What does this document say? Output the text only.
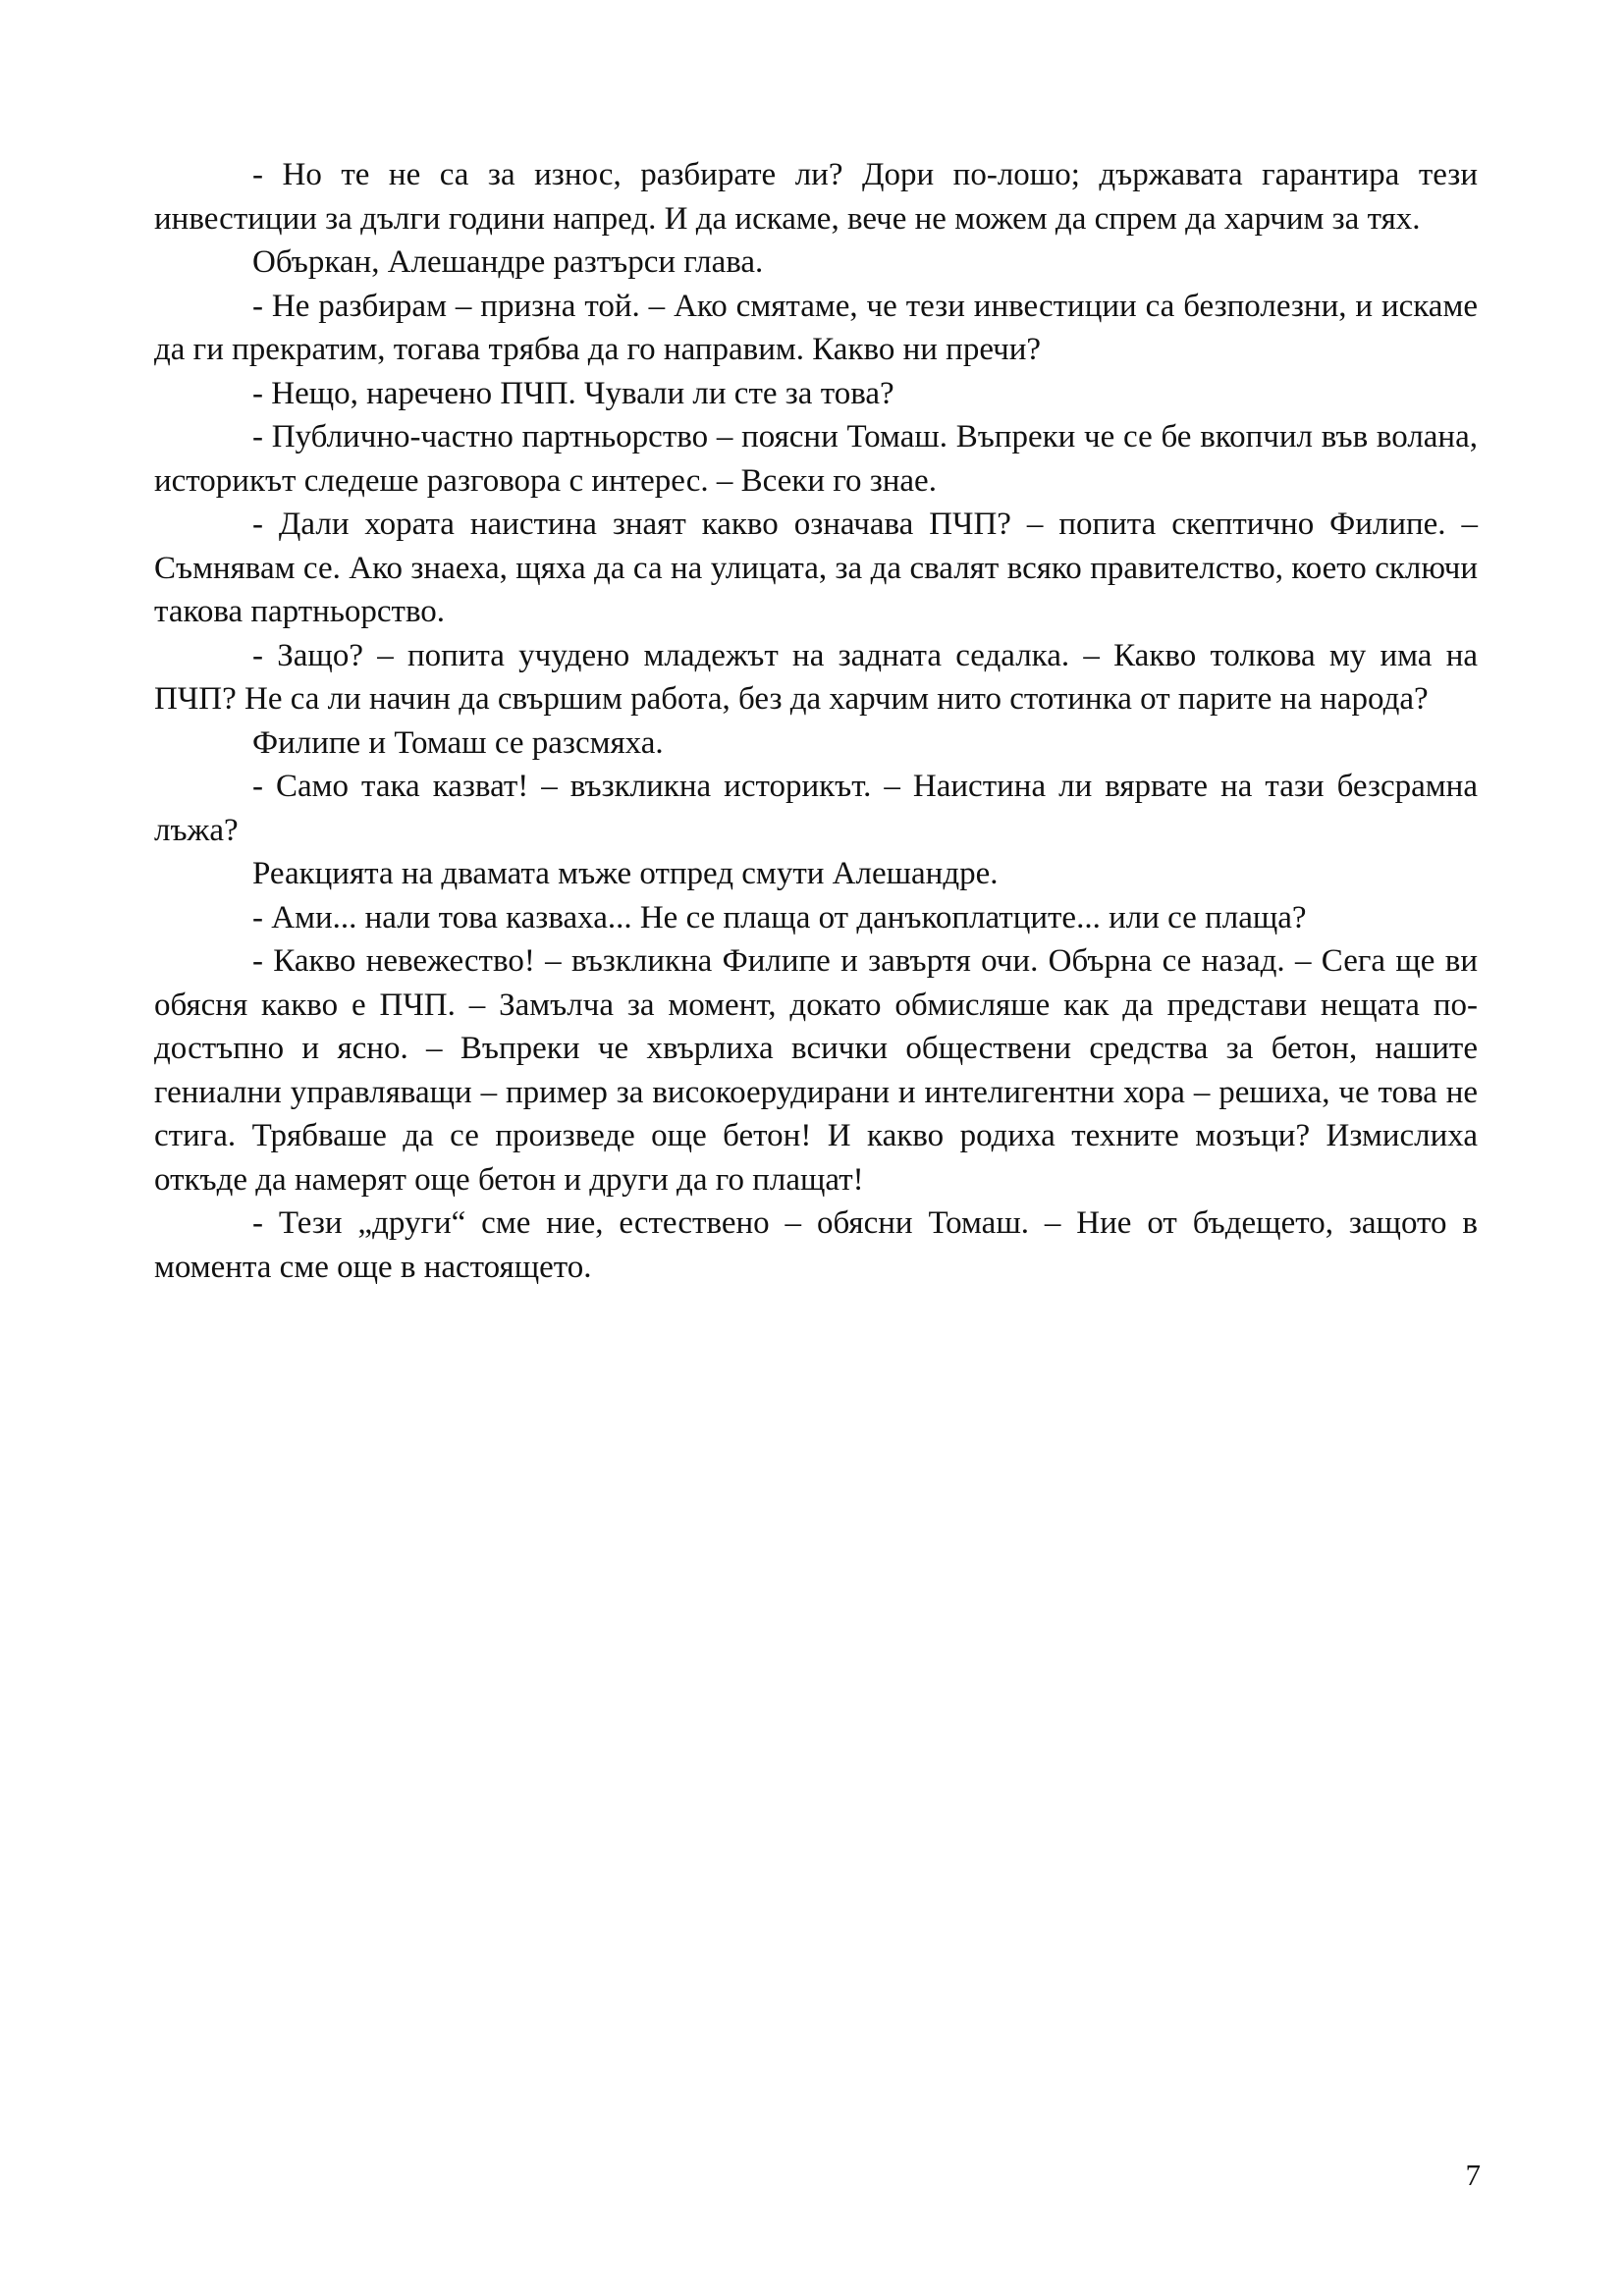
- Но те не са за износ, разбирате ли? Дори по-лошо; държавата гарантира тези инвестиции за дълги години напред. И да искаме, вече не можем да спрем да харчим за тях.

Объркан, Алешандре разтърси глава.

- Не разбирам – призна той. – Ако смятаме, че тези инвестиции са безполезни, и искаме да ги прекратим, тогава трябва да го направим. Какво ни пречи?

- Нещо, наречено ПЧП. Чували ли сте за това?

- Публично-частно партньорство – поясни Томаш. Въпреки че се бе вкопчил във волана, историкът следеше разговора с интерес. – Всеки го знае.

- Дали хората наистина знаят какво означава ПЧП? – попита скептично Филипе. – Съмнявам се. Ако знаеха, щяха да са на улицата, за да свалят всяко правителство, което сключи такова партньорство.

- Защо? – попита учудено младежът на задната седалка. – Какво толкова му има на ПЧП? Не са ли начин да свършим работа, без да харчим нито стотинка от парите на народа?

Филипе и Томаш се разсмяха.

- Само така казват! – възкликна историкът. – Наистина ли вярвате на тази безсрамна лъжа?

Реакцията на двамата мъже отпред смути Алешандре.

- Ами... нали това казваха... Не се плаща от данъкоплатците... или се плаща?

- Какво невежество! – възкликна Филипе и завъртя очи. Обърна се назад. – Сега ще ви обясня какво е ПЧП. – Замълча за момент, докато обмисляше как да представи нещата по-достъпно и ясно. – Въпреки че хвърлиха всички обществени средства за бетон, нашите гениални управляващи – пример за високоерудирани и интелигентни хора – решиха, че това не стига. Трябваше да се произведе още бетон! И какво родиха техните мозъци? Измислиха откъде да намерят още бетон и други да го плащат!

- Тези „други“ сме ние, естествено – обясни Томаш. – Ние от бъдещето, защото в момента сме още в настоящето.

7
